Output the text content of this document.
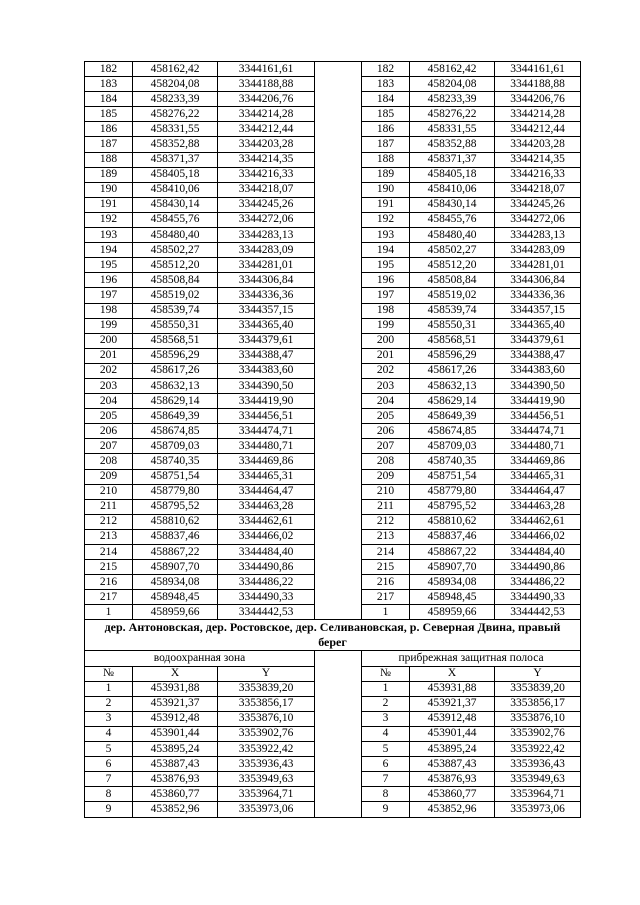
182	458162,42	3344161,61		182	458162,42	3344161,61
183	458204,08	3344188,88		183	458204,08	3344188,88
184	458233,39	3344206,76		184	458233,39	3344206,76
185	458276,22	3344214,28		185	458276,22	3344214,28
186	458331,55	3344212,44		186	458331,55	3344212,44
187	458352,88	3344203,28		187	458352,88	3344203,28
188	458371,37	3344214,35		188	458371,37	3344214,35
189	458405,18	3344216,33		189	458405,18	3344216,33
190	458410,06	3344218,07		190	458410,06	3344218,07
191	458430,14	3344245,26		191	458430,14	3344245,26
192	458455,76	3344272,06		192	458455,76	3344272,06
193	458480,40	3344283,13		193	458480,40	3344283,13
194	458502,27	3344283,09		194	458502,27	3344283,09
195	458512,20	3344281,01		195	458512,20	3344281,01
196	458508,84	3344306,84		196	458508,84	3344306,84
197	458519,02	3344336,36		197	458519,02	3344336,36
198	458539,74	3344357,15		198	458539,74	3344357,15
199	458550,31	3344365,40		199	458550,31	3344365,40
200	458568,51	3344379,61		200	458568,51	3344379,61
201	458596,29	3344388,47		201	458596,29	3344388,47
202	458617,26	3344383,60		202	458617,26	3344383,60
203	458632,13	3344390,50		203	458632,13	3344390,50
204	458629,14	3344419,90		204	458629,14	3344419,90
205	458649,39	3344456,51		205	458649,39	3344456,51
206	458674,85	3344474,71		206	458674,85	3344474,71
207	458709,03	3344480,71		207	458709,03	3344480,71
208	458740,35	3344469,86		208	458740,35	3344469,86
209	458751,54	3344465,31		209	458751,54	3344465,31
210	458779,80	3344464,47		210	458779,80	3344464,47
211	458795,52	3344463,28		211	458795,52	3344463,28
212	458810,62	3344462,61		212	458810,62	3344462,61
213	458837,46	3344466,02		213	458837,46	3344466,02
214	458867,22	3344484,40		214	458867,22	3344484,40
215	458907,70	3344490,86		215	458907,70	3344490,86
216	458934,08	3344486,22		216	458934,08	3344486,22
217	458948,45	3344490,33		217	458948,45	3344490,33
1	458959,66	3344442,53		1	458959,66	3344442,53
дер. Антоновская, дер. Ростовское, дер. Селивановская, р. Северная Двина, правый берег						
водоохранная зона				прибрежная защитная полоса		
№	X	Y		№	X	Y
1	453931,88	3353839,20		1	453931,88	3353839,20
2	453921,37	3353856,17		2	453921,37	3353856,17
3	453912,48	3353876,10		3	453912,48	3353876,10
4	453901,44	3353902,76		4	453901,44	3353902,76
5	453895,24	3353922,42		5	453895,24	3353922,42
6	453887,43	3353936,43		6	453887,43	3353936,43
7	453876,93	3353949,63		7	453876,93	3353949,63
8	453860,77	3353964,71		8	453860,77	3353964,71
9	453852,96	3353973,06		9	453852,96	3353973,06
